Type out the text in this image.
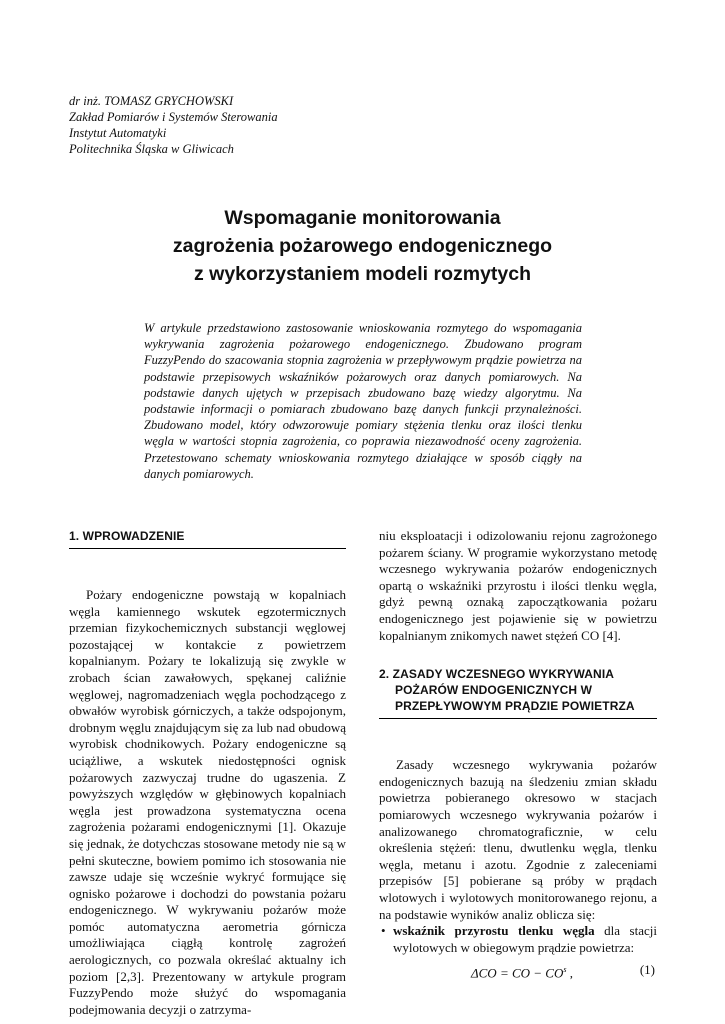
dr inż. TOMASZ GRYCHOWSKI
Zakład Pomiarów i Systemów Sterowania
Instytut Automatyki
Politechnika Śląska w Gliwicach
Wspomaganie monitorowania
zagrożenia pożarowego endogenicznego
z wykorzystaniem modeli rozmytych
W artykule przedstawiono zastosowanie wnioskowania rozmytego do wspomagania wykrywania zagrożenia pożarowego endogenicznego. Zbudowano program FuzzyPendo do szacowania stopnia zagrożenia w przepływowym prądzie powietrza na podstawie przepisowych wskaźników pożarowych oraz danych pomiarowych. Na podstawie danych ujętych w przepisach zbudowano bazę wiedzy algorytmu. Na podstawie informacji o pomiarach zbudowano bazę danych funkcji przynależności. Zbudowano model, który odwzorowuje pomiary stężenia tlenku oraz ilości tlenku węgla w wartości stopnia zagrożenia, co poprawia niezawodność oceny zagrożenia. Przetestowano schematy wnioskowania rozmytego działające w sposób ciągły na danych pomiarowych.
1. WPROWADZENIE

Pożary endogeniczne powstają w kopalniach węgla kamiennego wskutek egzotermicznych przemian fizykochemicznych substancji węglowej pozostającej w kontakcie z powietrzem kopalnianym. Pożary te lokalizują się zwykle w zrobach ścian zawałowych, spękanej caliźnie węglowej, nagromadzeniach węgla pochodzącego z obwałów wyrobisk górniczych, a także odspojonym, drobnym węglu znajdującym się za lub nad obudową wyrobisk chodnikowych. Pożary endogeniczne są uciążliwe, a wskutek niedostępności ognisk pożarowych zazwyczaj trudne do ugaszenia. Z powyższych względów w głębinowych kopalniach węgla jest prowadzona systematyczna ocena zagrożenia pożarami endogenicznymi [1]. Okazuje się jednak, że dotychczas stosowane metody nie są w pełni skuteczne, bowiem pomimo ich stosowania nie zawsze udaje się wcześnie wykryć formujące się ognisko pożarowe i dochodzi do powstania pożaru endogenicznego. W wykrywaniu pożarów może pomóc automatyczna aerometria górnicza umożliwiająca ciągłą kontrolę zagrożeń aerologicznych, co pozwala określać aktualny ich poziom [2,3]. Prezentowany w artykule program FuzzyPendo może służyć do wspomagania podejmowania decyzji o zatrzyma-

niu eksploatacji i odizolowaniu rejonu zagrożonego pożarem ściany. W programie wykorzystano metodę wczesnego wykrywania pożarów endogenicznych opartą o wskaźniki przyrostu i ilości tlenku węgla, gdyż pewną oznaką zapoczątkowania pożaru endogenicznego jest pojawienie się w powietrzu kopalnianym znikomych nawet stężeń CO [4].

2. ZASADY WCZESNEGO WYKRYWANIA
POŻARÓW ENDOGENICZNYCH W
PRZEPŁYWOWYM PRĄDZIE POWIETRZA

Zasady wczesnego wykrywania pożarów endogenicznych bazują na śledzeniu zmian składu powietrza pobieranego okresowo w stacjach pomiarowych wczesnego wykrywania pożarów i analizowanego chromatograficznie, w celu określenia stężeń: tlenu, dwutlenku węgla, tlenku węgla, metanu i azotu. Zgodnie z zaleceniami przepisów [5] pobierane są próby w prądach wlotowych i wylotowych monitorowanego rejonu, a na podstawie wyników analiz oblicza się:

• wskaźnik przyrostu tlenku węgla dla stacji wylotowych w obiegowym prądzie powietrza:

ΔCO = CO − $CO^s$ ,	(1)
